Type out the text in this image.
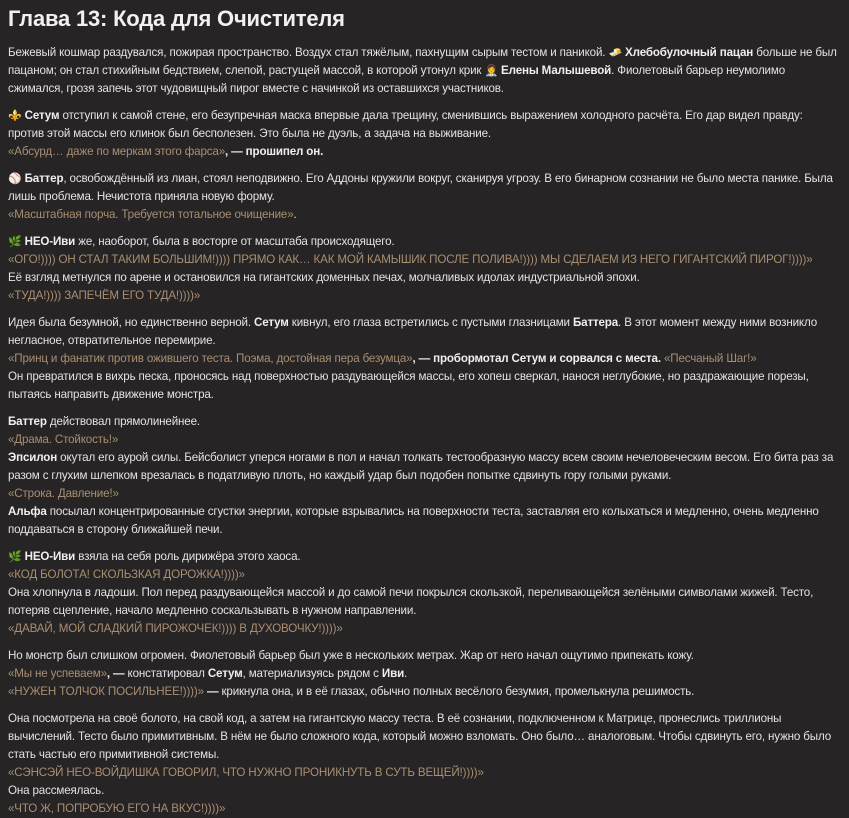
Глава 13: Кода для Очистителя
Бежевый кошмар раздувался, пожирая пространство. Воздух стал тяжёлым, пахнущим сырым тестом и паникой. 🧈 Хлебобулочный пацан больше не был пацаном; он стал стихийным бедствием, слепой, растущей массой, в которой утонул крик 👩‍⚕️ Елены Малышевой. Фиолетовый барьер неумолимо сжимался, грозя запечь этот чудовищный пирог вместе с начинкой из оставшихся участников.
⚜️ Сетум отступил к самой стене, его безупречная маска впервые дала трещину, сменившись выражением холодного расчёта. Его дар видел правду: против этой массы его клинок был бесполезен. Это была не дуэль, а задача на выживание.
«Абсурд… даже по меркам этого фарса», — прошипел он.
⚾ Баттер, освобождённый из лиан, стоял неподвижно. Его Аддоны кружили вокруг, сканируя угрозу. В его бинарном сознании не было места панике. Была лишь проблема. Нечистота приняла новую форму.
«Масштабная порча. Требуется тотальное очищение».
🌿 НЕО-Иви же, наоборот, была в восторге от масштаба происходящего.
«ОГО!)))) ОН СТАЛ ТАКИМ БОЛЬШИМ!)))) ПРЯМО КАК… КАК МОЙ КАМЫШИК ПОСЛЕ ПОЛИВА!)))) МЫ СДЕЛАЕМ ИЗ НЕГО ГИГАНТСКИЙ ПИРОГ!))))»
Её взгляд метнулся по арене и остановился на гигантских доменных печах, молчаливых идолах индустриальной эпохи.
«ТУДА!)))) ЗАПЕЧЁМ ЕГО ТУДА!))))»
Идея была безумной, но единственно верной. Сетум кивнул, его глаза встретились с пустыми глазницами Баттера. В этот момент между ними возникло негласное, отвратительное перемирие.
«Принц и фанатик против ожившего теста. Поэма, достойная пера безумца», — пробормотал Сетум и сорвался с места. «Песчаный Шаг!»
Он превратился в вихрь песка, проносясь над поверхностью раздувающейся массы, его хопеш сверкал, нанося неглубокие, но раздражающие порезы, пытаясь направить движение монстра.
Баттер действовал прямолинейнее.
«Драма. Стойкость!»
Эпсилон окутал его аурой силы. Бейсболист уперся ногами в пол и начал толкать тестообразную массу всем своим нечеловеческим весом. Его бита раз за разом с глухим шлепком врезалась в податливую плоть, но каждый удар был подобен попытке сдвинуть гору голыми руками.
«Строка. Давление!»
Альфа посылал концентрированные сгустки энергии, которые взрывались на поверхности теста, заставляя его колыхаться и медленно, очень медленно поддаваться в сторону ближайшей печи.
🌿 НЕО-Иви взяла на себя роль дирижёра этого хаоса.
«КОД БОЛОТА! СКОЛЬЗКАЯ ДОРОЖКА!))))»
Она хлопнула в ладоши. Пол перед раздувающейся массой и до самой печи покрылся скользкой, переливающейся зелёными символами жижей. Тесто, потеряв сцепление, начало медленно соскальзывать в нужном направлении.
«ДАВАЙ, МОЙ СЛАДКИЙ ПИРОЖОЧЕК!)))) В ДУХОВОЧКУ!))))»
Но монстр был слишком огромен. Фиолетовый барьер был уже в нескольких метрах. Жар от него начал ощутимо припекать кожу.
«Мы не успеваем», — констатировал Сетум, материализуясь рядом с Иви.
«НУЖЕН ТОЛЧОК ПОСИЛЬНЕЕ!))))» — крикнула она, и в её глазах, обычно полных весёлого безумия, промелькнула решимость.
Она посмотрела на своё болото, на свой код, а затем на гигантскую массу теста. В её сознании, подключенном к Матрице, пронеслись триллионы вычислений. Тесто было примитивным. В нём не было сложного кода, который можно взломать. Оно было… аналоговым. Чтобы сдвинуть его, нужно было стать частью его примитивной системы.
«СЭНСЭЙ НЕО-ВОЙДИШКА ГОВОРИЛ, ЧТО НУЖНО ПРОНИКНУТЬ В СУТЬ ВЕЩЕЙ!))))»
Она рассмеялась.
«ЧТО Ж, ПОПРОБУЮ ЕГО НА ВКУС!))))»
